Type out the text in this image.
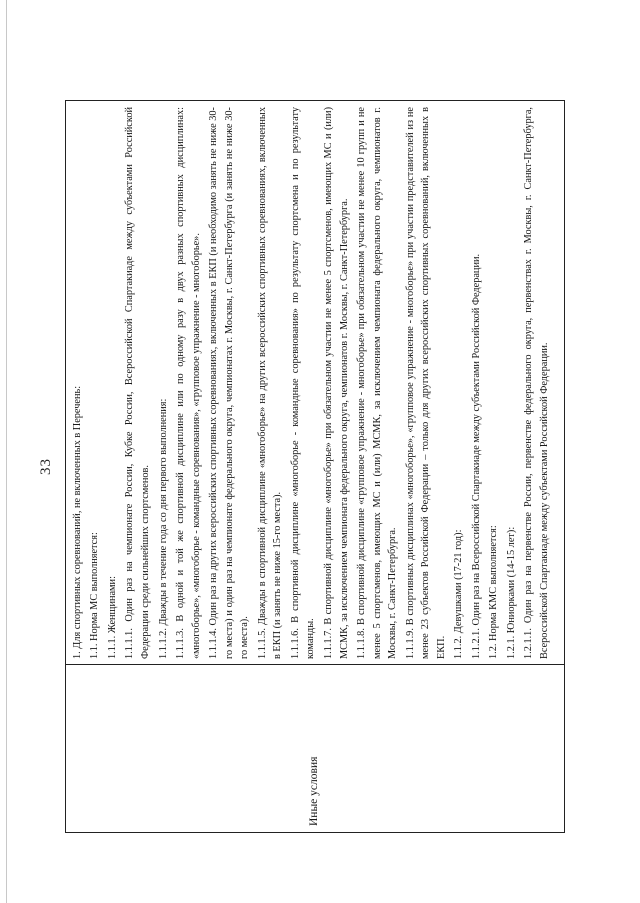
33
Иные условия

1. Для спортивных соревнований, не включенных в Перечень: 1.1. Норма МС выполняется: 1.1.1. Женщинами: 1.1.1.1. Один раз на чемпионате России, Кубке России, Всероссийской Спартакиаде между субъектами Российской Федерации среди сильнейших спортсменов. 1.1.1.2. Дважды в течение года со дня первого выполнения: 1.1.1.3. В одной и той же спортивной дисциплине или по одному разу в двух разных спортивных дисциплинах: «многоборье», «многоборье - командные соревнования», «групповое упражнение - многоборье». 1.1.1.4. Один раз на других всероссийских спортивных соревнованиях, включенных в ЕКП (и необходимо занять не ниже 30-го места) и один раз на чемпионате федерального округа, чемпионатах г. Москвы, г. Санкт-Петербурга (и занять не ниже 30-го места). 1.1.1.5. Дважды в спортивной дисциплине «многоборье» на других всероссийских спортивных соревнованиях, включенных в ЕКП (и занять не ниже 15-го места). 1.1.1.6. В спортивной дисциплине «многоборье - командные соревнования» по результату спортсмена и по результату команды. 1.1.1.7. В спортивной дисциплине «многоборье» при обязательном участии не менее 5 спортсменов, имеющих МС и (или) МСМК, за исключением чемпионата федерального округа, чемпионатов г. Москвы, г. Санкт-Петербурга. 1.1.1.8. В спортивной дисциплине «групповое упражнение - многоборье» при обязательном участии не менее 10 групп и не менее 5 спортсменов, имеющих МС и (или) МСМК, за исключением чемпионата федерального округа, чемпионатов г. Москвы, г. Санкт-Петербурга. 1.1.1.9. В спортивных дисциплинах «многоборье», «групповое упражнение - многоборье» при участии представителей из не менее 23 субъектов Российской Федерации – только для других всероссийских спортивных соревнований, включенных в ЕКП. 1.1.2. Девушками (17-21 год): 1.1.2.1. Один раз на Всероссийской Спартакиаде между субъектами Российской Федерации. 1.2. Норма КМС выполняется: 1.2.1. Юниорками (14-15 лет): 1.2.1.1. Один раз на первенстве России, первенстве федерального округа, первенствах г. Москвы, г. Санкт-Петербурга, Всероссийской Спартакиаде между субъектами Российской Федерации.
